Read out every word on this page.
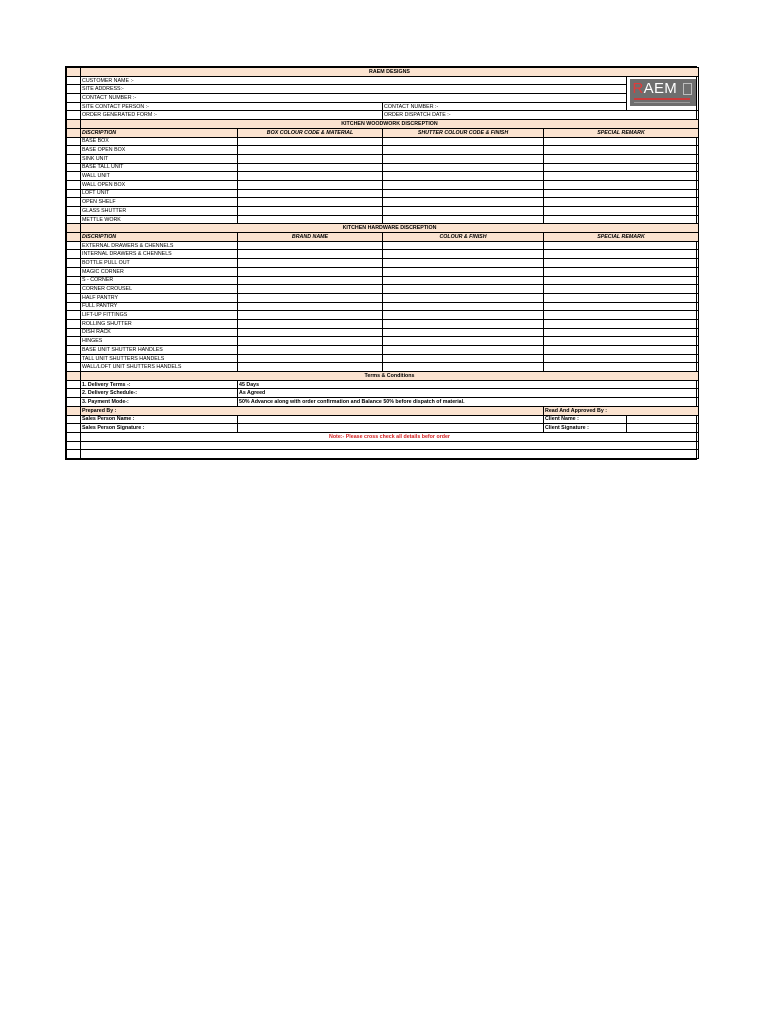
	RAEM DESIGNS				
	CUSTOMER NAME :-				RAEM

	SITE ADDRESS:-				
	CONTACT NUMBER :-				
	SITE CONTACT PERSON :-		CONTACT NUMBER :-		
	ORDER GENERATED FORM :-		ORDER DISPATCH DATE :-		
	KITCHEN WOODWORK DISCREPTION				
	DISCRIPTION	BOX COLOUR CODE & MATERIAL	SHUTTER COLOUR CODE & FINISH	SPECIAL REMARK	
	BASE BOX				
	BASE OPEN BOX				
	SINK UNIT				
	BASE TALL UNIT				
	WALL UNIT				
	WALL OPEN BOX				
	LOFT UNIT				
	OPEN SHELF				
	GLASS SHUTTER				
	METTLE WORK				
	KITCHEN HARDWARE DISCREPTION				
	DISCRIPTION	BRAND NAME	COLOUR & FINISH	SPECIAL REMARK	
	EXTERNAL DRAWERS & CHENNELS				
	INTERNAL DRAWERS & CHENNELS				
	BOTTLE PULL OUT				
	MAGIC CORNER				
	S - CORNER				
	CORNER CROUSEL				
	HALF PANTRY				
	FULL PANTRY				
	LIFT-UP FITTINGS				
	ROLLING SHUTTER				
	DISH RACK				
	HINGES				
	BASE UNIT SHUTTER HANDLES				
	TALL UNIT SHUTTERS HANDELS				
	WALL/LOFT UNIT SHUTTERS HANDELS				
	Terms & Conditions				
	1. Delivery Terms -:	45 Days			
	2. Delivery Schedule-:	As Agreed			
	3. Payment Mode-:	50% Advance along with order confirmation and Balance 50% before dispatch of material.			
	Prepared By :			Read And Approved By :	
	Sales Person Name :			Client Name :	
	Sales Person Signature :			Client Signature :	
	Note:- Please cross check all details befor order				
